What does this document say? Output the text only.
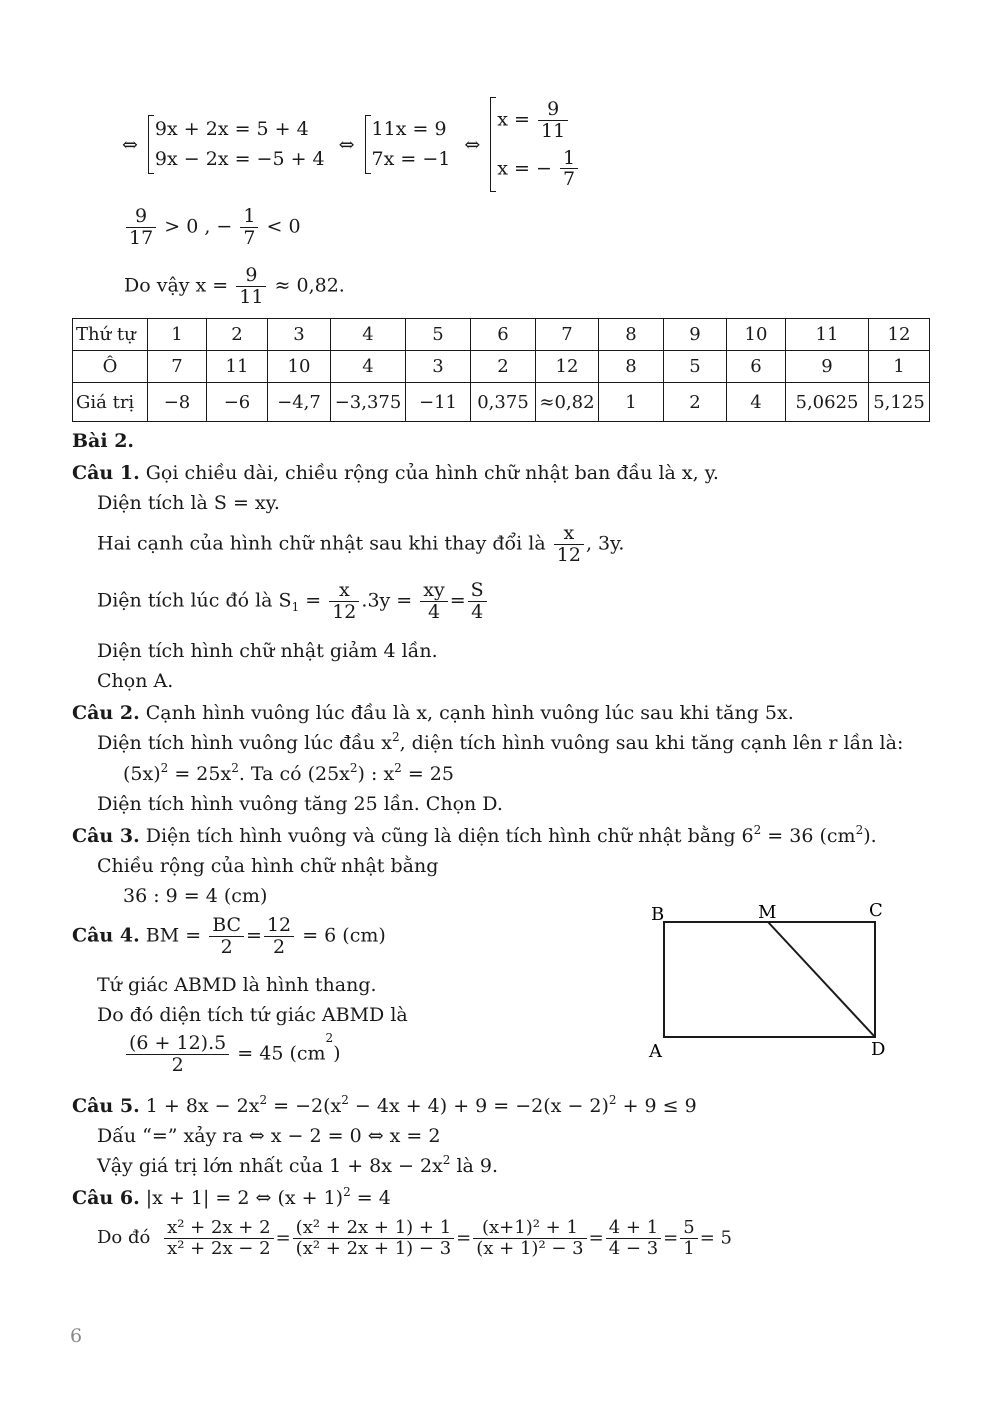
⇔
9x + 2x = 5 + 4
9x − 2x = −5 + 4
⇔
11x = 9
7x = −1
⇔
$x = \frac{9}{11}$
x = − $\frac{1}{7}$
$\frac{9}{17} > 0$ , − $\frac{1}{7} < 0$
Do vậy $x = \frac{9}{11} \approx 0,82$.
Thứ tự	1	2	3	4	5	6	7	8	9	10	11	12
Ô	7	11	10	4	3	2	12	8	5	6	9	1
Giá trị	−8	−6	−4,7	−3,375	−11	0,375	≈0,82	1	2	4	5,0625	5,125
Bài 2.
Câu 1. Gọi chiều dài, chiều rộng của hình chữ nhật ban đầu là x, y.
Diện tích là S = xy.
Hai cạnh của hình chữ nhật sau khi thay đổi là $\frac{x}{12}$ , 3y.
Diện tích lúc đó là $S_1 = \frac{x}{12} .3y = \frac{xy}{4} = \frac{S}{4}$
Diện tích hình chữ nhật giảm 4 lần.
Chọn A.
Câu 2. Cạnh hình vuông lúc đầu là x, cạnh hình vuông lúc sau khi tăng 5x.
Diện tích hình vuông lúc đầu $x^2$, diện tích hình vuông sau khi tăng cạnh lên r lần là:
$(5x)^2 = 25x^2$. Ta có $(25x^2)$ : $x^2 = 25$
Diện tích hình vuông tăng 25 lần. Chọn D.
Câu 3. Diện tích hình vuông và cũng là diện tích hình chữ nhật bằng $6^2 = 36$ $(cm^2)$.
Chiều rộng của hình chữ nhật bằng
36 : 9 = 4 (cm)
Câu 4. BM = $\frac{BC}{2} = \frac{12}{2} = 6$ (cm)
Tứ giác ABMD là hình thang.
Do đó diện tích tứ giác ABMD là
$\frac{(6 + 12).5}{2} = 45$ $(cm^2)$
B	M	C
A	D
Câu 5. $1 + 8x - 2x^2 = -2(x^2 - 4x + 4) + 9 = -2(x - 2)^2 + 9 \le 9$
Dấu “=” xảy ra ⇔ x − 2 = 0 ⇔ x = 2
Vậy giá trị lớn nhất của $1 + 8x - 2x^2$ là 9.
Câu 6. |x + 1| = 2 ⇔ $(x + 1)^2 = 4$
Do đó $\frac{\text{x² + 2x + 2}}{\text{x² + 2x − 2}} = \frac{\text{(x² + 2x + 1) + 1}}{\text{(x² + 2x + 1) − 3}} = \frac{\text{(x+1)² + 1}}{\text{(x + 1)² − 3}} = \frac{4 + 1}{4 - 3} = \frac{5}{1} = 5$
6
